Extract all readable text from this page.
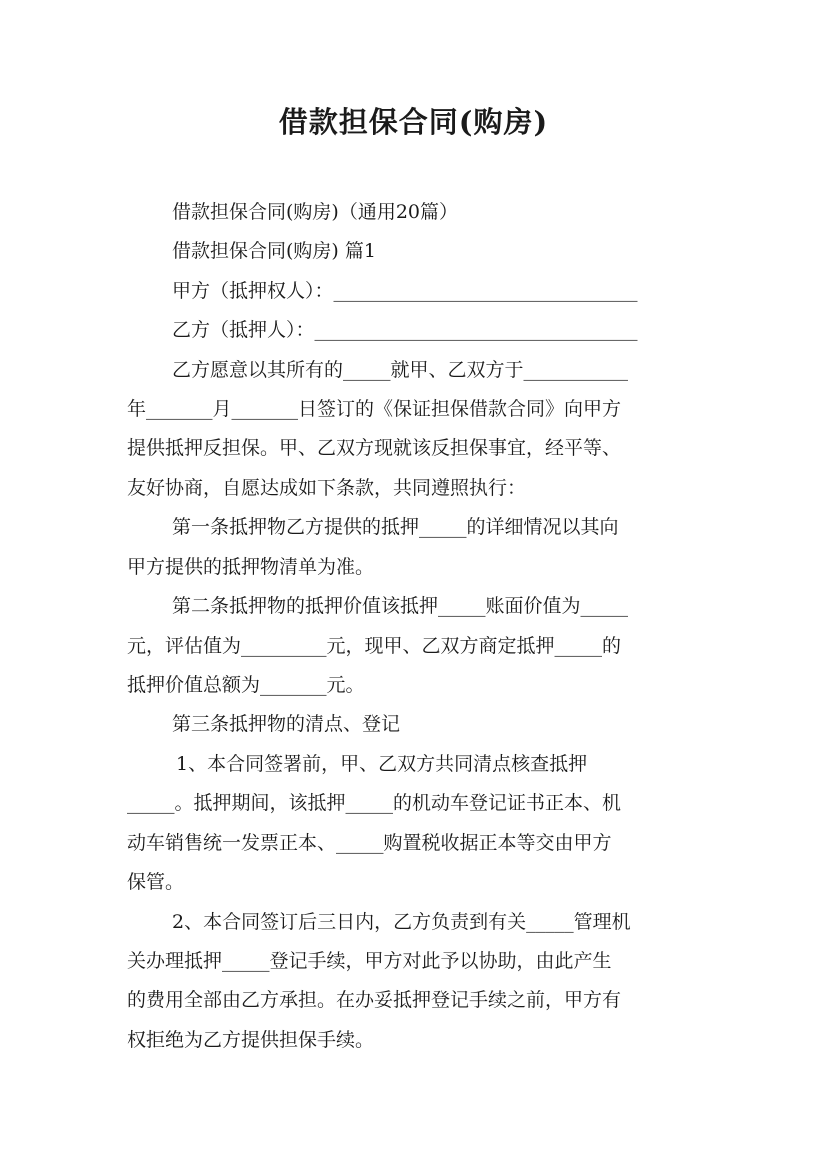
借款担保合同(购房)
借款担保合同(购房)（通用20篇）
借款担保合同(购房) 篇1
甲方（抵押权人）：________________________________
乙方（抵押人）：__________________________________
乙方愿意以其所有的_____就甲、乙双方于___________
年_______月_______日签订的《保证担保借款合同》向甲方
提供抵押反担保。甲、乙双方现就该反担保事宜，经平等、
友好协商，自愿达成如下条款，共同遵照执行：
第一条抵押物乙方提供的抵押_____的详细情况以其向
甲方提供的抵押物清单为准。
第二条抵押物的抵押价值该抵押_____账面价值为_____
元，评估值为_________元，现甲、乙双方商定抵押_____的
抵押价值总额为_______元。
第三条抵押物的清点、登记
1、本合同签署前，甲、乙双方共同清点核查抵押
_____。抵押期间，该抵押_____的机动车登记证书正本、机
动车销售统一发票正本、_____购置税收据正本等交由甲方
保管。
2、本合同签订后三日内，乙方负责到有关_____管理机
关办理抵押_____登记手续，甲方对此予以协助，由此产生
的费用全部由乙方承担。在办妥抵押登记手续之前，甲方有
权拒绝为乙方提供担保手续。
